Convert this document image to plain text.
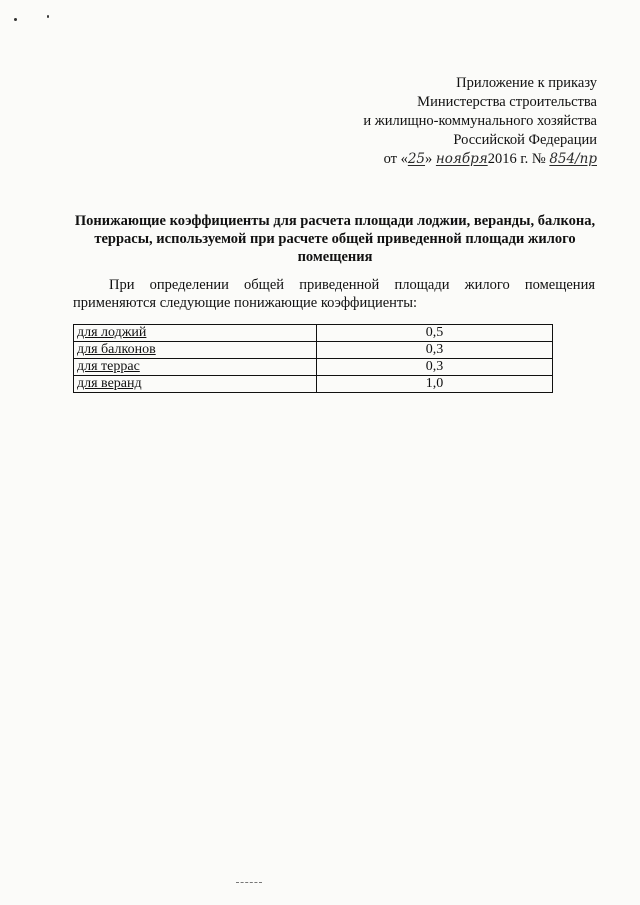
Приложение к приказу
Министерства строительства
и жилищно-коммунального хозяйства
Российской Федерации
от «25» ноября2016 г. № 854/пр
Понижающие коэффициенты для расчета площади лоджии, веранды, балкона, террасы, используемой при расчете общей приведенной площади жилого помещения
При определении общей приведенной площади жилого помещения применяются следующие понижающие коэффициенты:
для лоджий	0,5
для балконов	0,3
для террас	0,3
для веранд	1,0
